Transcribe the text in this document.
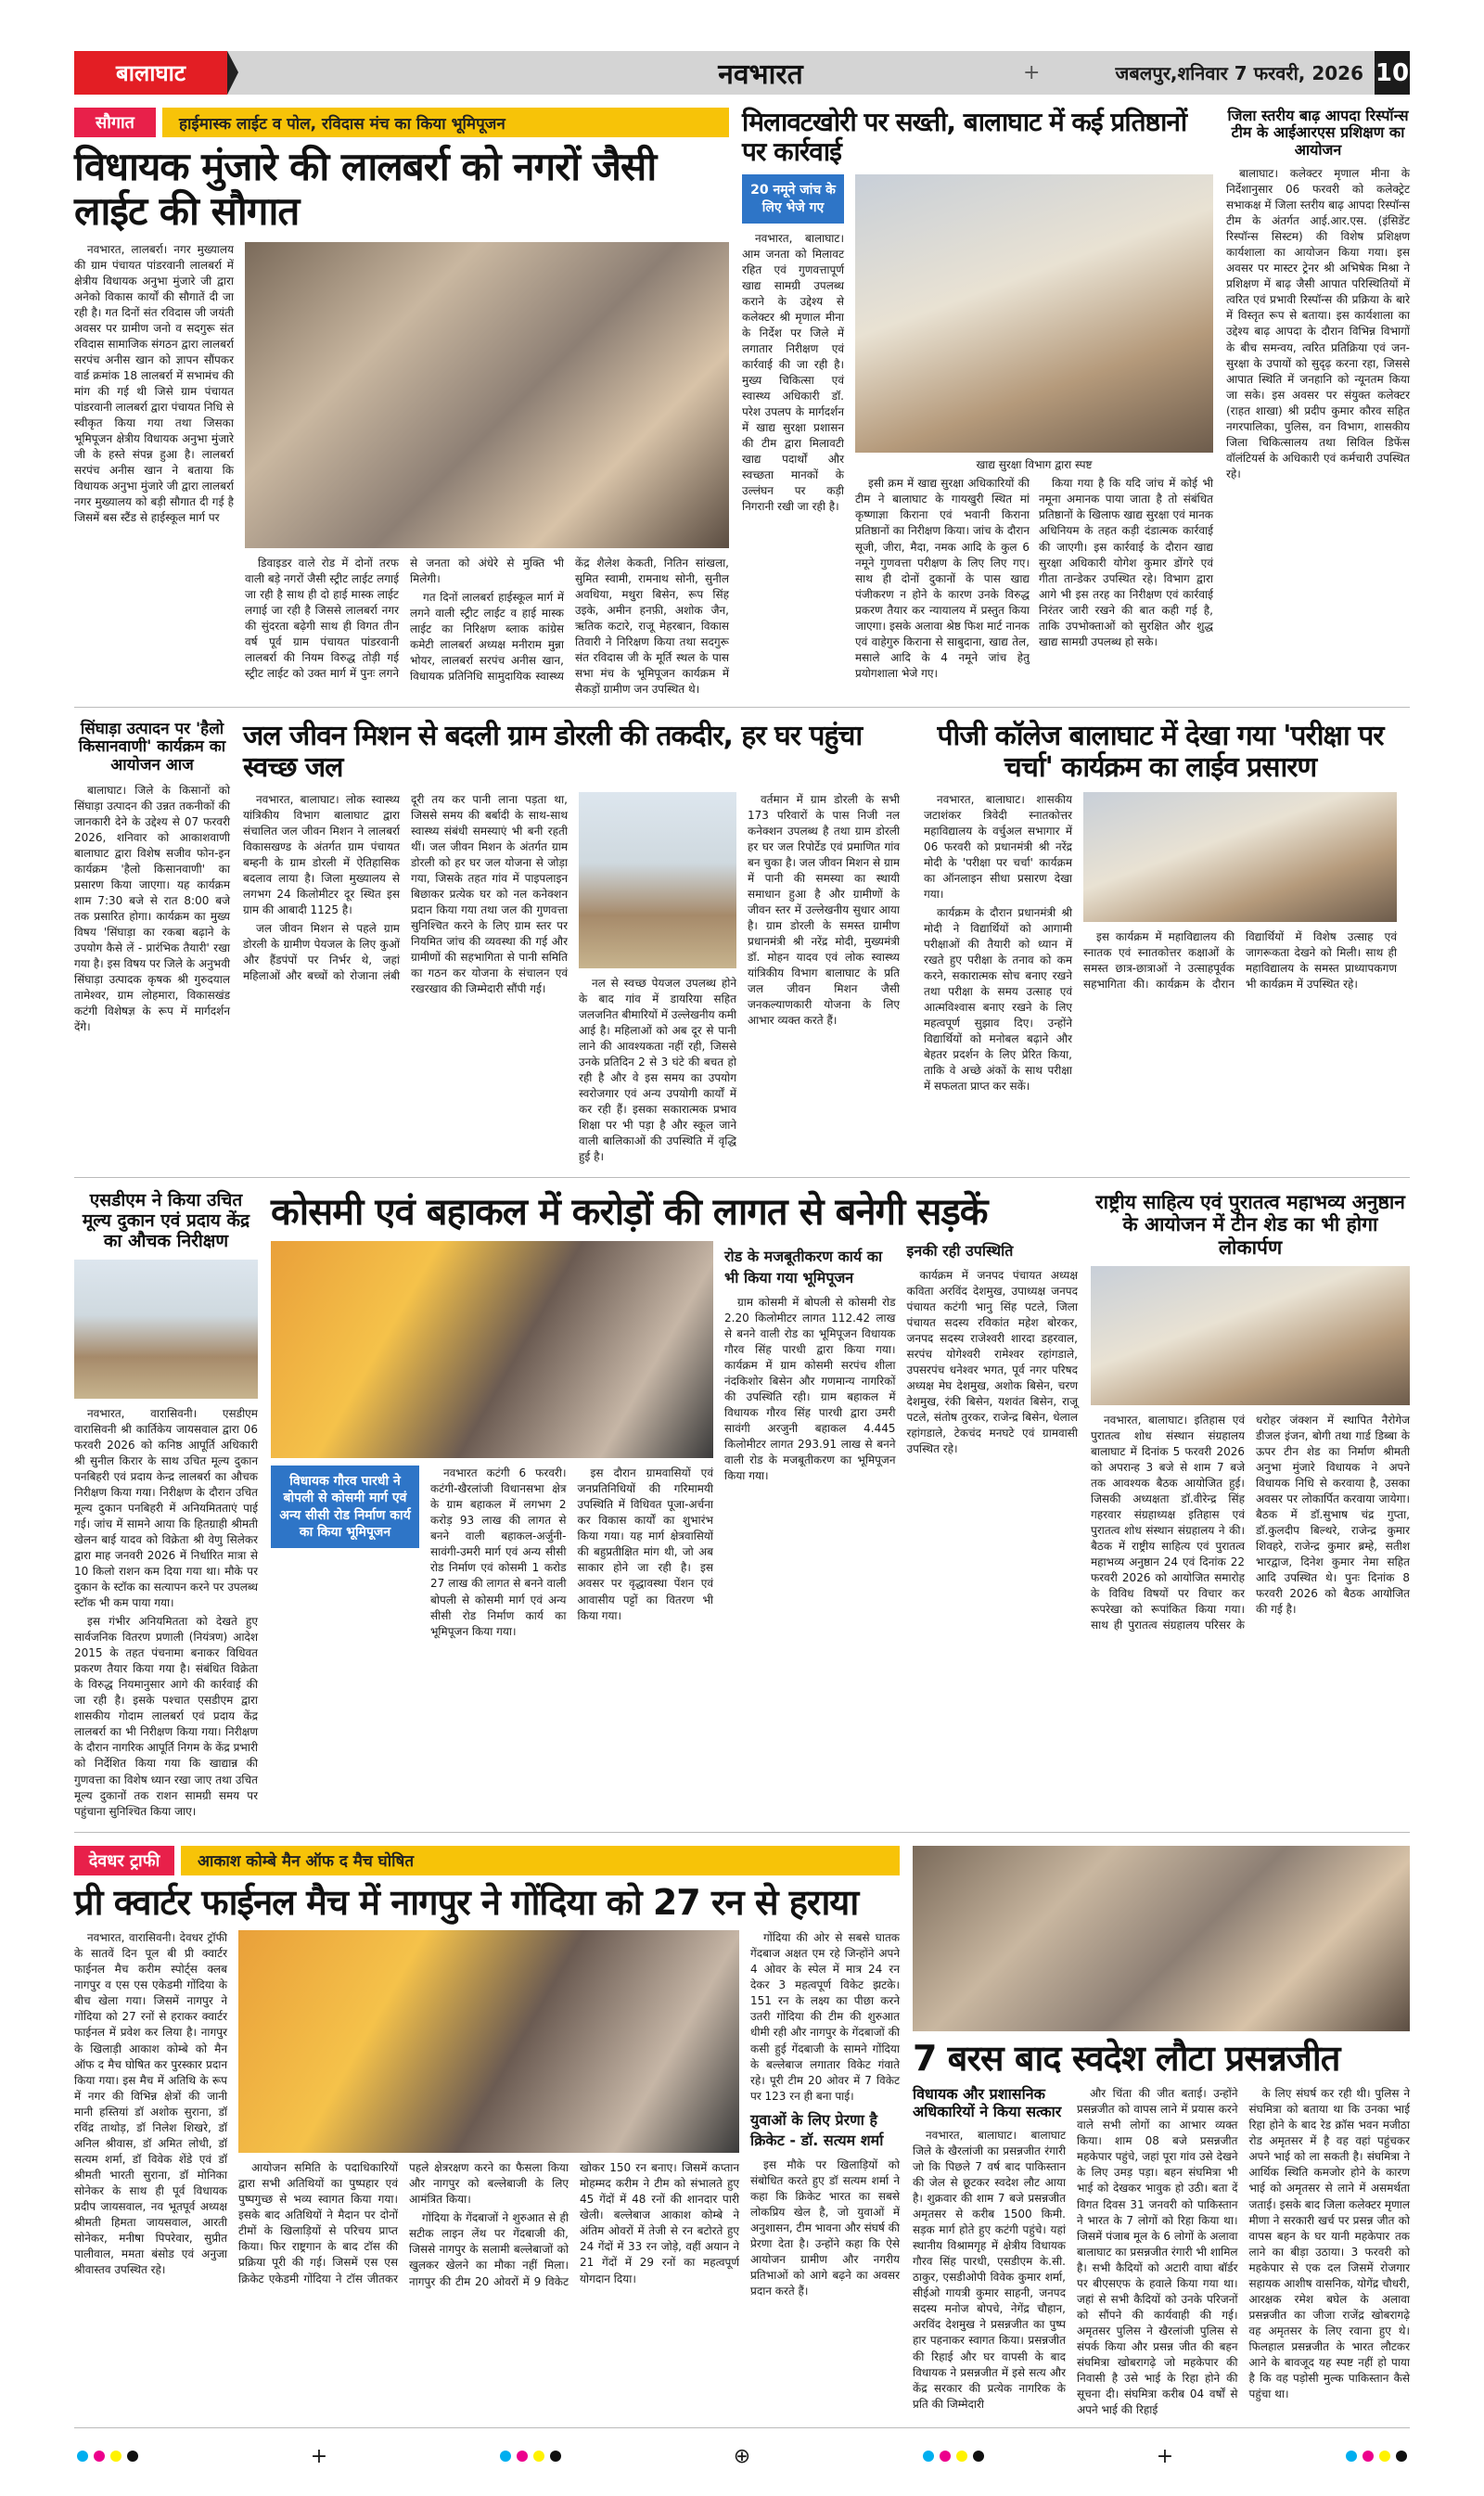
बालाघाट	नवभारत	+	जबलपुर,शनिवार 7 फरवरी, 2026 10
सौगात	हाईमास्क लाईट व पोल, रविदास मंच का किया भूमिपूजन
विधायक मुंजारे की लालबर्रा को नगरों जैसी लाईट की सौगात

नवभारत, लालबर्रा। नगर मुख्यालय की ग्राम पंचायत पांडरवानी लालबर्रा में क्षेत्रीय विधायक अनुभा मुंजारे जी द्वारा अनेको विकास कार्यों की सौगातें दी जा रही है। गत दिनों संत रविदास जी जयंती अवसर पर ग्रामीण जनो व सदगुरू संत रविदास सामाजिक संगठन द्वारा लालबर्रा सरपंच अनीस खान को ज्ञापन सौंपकर वार्ड क्रमांक 18 लालबर्रा में सभामंच की मांग की गई थी जिसे ग्राम पंचायत पांडरवानी लालबर्रा द्वारा पंचायत निधि से स्वीकृत किया गया तथा जिसका भूमिपूजन क्षेत्रीय विधायक अनुभा मुंजारे जी के हस्ते संपन्न हुआ है। लालबर्रा सरपंच अनीस खान ने बताया कि विधायक अनुभा मुंजारे जी द्वारा लालबर्रा नगर मुख्यालय को बड़ी सौगात दी गई है जिसमें बस स्टैंड से हाईस्कूल मार्ग पर

डिवाइडर वाले रोड में दोनों तरफ वाली बड़े नगरों जैसी स्ट्रीट लाईट लगाई जा रही है साथ ही दो हाई मास्क लाईट लगाई जा रही है जिससे लालबर्रा नगर की सुंदरता बढ़ेगी साथ ही विगत तीन वर्ष पूर्व ग्राम पंचायत पांडरवानी लालबर्रा की नियम विरुद्ध तोड़ी गई स्ट्रीट लाईट को उक्त मार्ग में पुनः लगने से जनता को अंधेरे से मुक्ति भी मिलेगी।

गत दिनों लालबर्रा हाईस्कूल मार्ग में लगने वाली स्ट्रीट लाईट व हाई मास्क लाईट का निरिक्षण ब्लाक कांग्रेस कमेटी लालबर्रा अध्यक्ष मनीराम मुन्ना भोयर, लालबर्रा सरपंच अनीस खान, विधायक प्रतिनिधि सामुदायिक स्वास्थ्य केंद्र शैलेश केकती, नितिन सांखला, सुमित स्वामी, रामनाथ सोनी, सुनील अवधिया, मथुरा बिसेन, रूप सिंह उइके, अमीन हनफ़ी, अशोक जैन, ऋतिक कटारे, राजू मेहरबान, विकास तिवारी ने निरिक्षण किया तथा सदगुरू संत रविदास जी के मूर्ति स्थल के पास सभा मंच के भूमिपूजन कार्यक्रम में सैकड़ों ग्रामीण जन उपस्थित थे।

मिलावटखोरी पर सख्ती, बालाघाट में कई प्रतिष्ठानों पर कार्रवाई
20 नमूने जांच के लिए भेजे गए

नवभारत, बालाघाट। आम जनता को मिलावट रहित एवं गुणवत्तापूर्ण खाद्य सामग्री उपलब्ध कराने के उद्देश्य से कलेक्टर श्री मृणाल मीना के निर्देश पर जिले में लगातार निरीक्षण एवं कार्रवाई की जा रही है। मुख्य चिकित्सा एवं स्वास्थ्य अधिकारी डॉ. परेश उपलप के मार्गदर्शन में खाद्य सुरक्षा प्रशासन की टीम द्वारा मिलावटी खाद्य पदार्थों और स्वच्छता मानकों के उल्लंघन पर कड़ी निगरानी रखी जा रही है।

खाद्य सुरक्षा विभाग द्वारा स्पष्ट

इसी क्रम में खाद्य सुरक्षा अधिकारियों की टीम ने बालाघाट के गायखुरी स्थित मां कृष्णाज्ञा किराना एवं भवानी किराना प्रतिष्ठानों का निरीक्षण किया। जांच के दौरान सूजी, जीरा, मैदा, नमक आदि के कुल 6 नमूने गुणवत्ता परीक्षण के लिए लिए गए। साथ ही दोनों दुकानों के पास खाद्य पंजीकरण न होने के कारण उनके विरुद्ध प्रकरण तैयार कर न्यायालय में प्रस्तुत किया जाएगा। इसके अलावा श्रेष्ठ फिश मार्ट नानक एवं वाहेगुरु किराना से साबुदाना, खाद्य तेल, मसाले आदि के 4 नमूने जांच हेतु प्रयोगशाला भेजे गए।

किया गया है कि यदि जांच में कोई भी नमूना अमानक पाया जाता है तो संबंधित प्रतिष्ठानों के खिलाफ खाद्य सुरक्षा एवं मानक अधिनियम के तहत कड़ी दंडात्मक कार्रवाई की जाएगी। इस कार्रवाई के दौरान खाद्य सुरक्षा अधिकारी योगेश कुमार डोंगरे एवं गीता तान्डेकर उपस्थित रहे। विभाग द्वारा आगे भी इस तरह का निरीक्षण एवं कार्रवाई निरंतर जारी रखने की बात कही गई है, ताकि उपभोक्ताओं को सुरक्षित और शुद्ध खाद्य सामग्री उपलब्ध हो सके।

जिला स्तरीय बाढ़ आपदा रिस्पॉन्स टीम के आईआरएस प्रशिक्षण का आयोजन

बालाघाट। कलेक्टर मृणाल मीना के निर्देशानुसार 06 फरवरी को कलेक्ट्रेट सभाकक्ष में जिला स्तरीय बाढ़ आपदा रिस्पॉन्स टीम के अंतर्गत आई.आर.एस. (इंसिडेंट रिस्पॉन्स सिस्टम) की विशेष प्रशिक्षण कार्यशाला का आयोजन किया गया। इस अवसर पर मास्टर ट्रेनर श्री अभिषेक मिश्रा ने प्रशिक्षण में बाढ़ जैसी आपात परिस्थितियों में त्वरित एवं प्रभावी रिस्पॉन्स की प्रक्रिया के बारे में विस्तृत रूप से बताया। इस कार्यशाला का उद्देश्य बाढ़ आपदा के दौरान विभिन्न विभागों के बीच समन्वय, त्वरित प्रतिक्रिया एवं जन-सुरक्षा के उपायों को सुदृढ़ करना रहा, जिससे आपात स्थिति में जनहानि को न्यूनतम किया जा सके। इस अवसर पर संयुक्त कलेक्टर (राहत शाखा) श्री प्रदीप कुमार कौरव सहित नगरपालिका, पुलिस, वन विभाग, शासकीय जिला चिकित्सालय तथा सिविल डिफेंस वॉलंटियर्स के अधिकारी एवं कर्मचारी उपस्थित रहे।

सिंघाड़ा उत्पादन पर 'हैलो किसानवाणी' कार्यक्रम का आयोजन आज

बालाघाट। जिले के किसानों को सिंघाड़ा उत्पादन की उन्नत तकनीकों की जानकारी देने के उद्देश्य से 07 फरवरी 2026, शनिवार को आकाशवाणी बालाघाट द्वारा विशेष सजीव फोन-इन कार्यक्रम 'हैलो किसानवाणी' का प्रसारण किया जाएगा। यह कार्यक्रम शाम 7:30 बजे से रात 8:00 बजे तक प्रसारित होगा। कार्यक्रम का मुख्य विषय 'सिंघाड़ा का रकबा बढ़ाने के उपयोग कैसे लें - प्रारंभिक तैयारी' रखा गया है। इस विषय पर जिले के अनुभवी सिंघाड़ा उत्पादक कृषक श्री गुरुदयाल तामेश्वर, ग्राम लोहमारा, विकासखंड कटंगी विशेषज्ञ के रूप में मार्गदर्शन देंगे।

जल जीवन मिशन से बदली ग्राम डोरली की तकदीर, हर घर पहुंचा स्वच्छ जल

नवभारत, बालाघाट। लोक स्वास्थ्य यांत्रिकीय विभाग बालाघाट द्वारा संचालित जल जीवन मिशन ने लालबर्रा विकासखण्ड के अंतर्गत ग्राम पंचायत बम्हनी के ग्राम डोरली में ऐतिहासिक बदलाव लाया है। जिला मुख्यालय से लगभग 24 किलोमीटर दूर स्थित इस ग्राम की आबादी 1125 है।

जल जीवन मिशन से पहले ग्राम डोरली के ग्रामीण पेयजल के लिए कुओं और हैंडपंपों पर निर्भर थे, जहां महिलाओं और बच्चों को रोजाना लंबी दूरी तय कर पानी लाना पड़ता था, जिससे समय की बर्बादी के साथ-साथ स्वास्थ्य संबंधी समस्याएं भी बनी रहती थीं। जल जीवन मिशन के अंतर्गत ग्राम डोरली को हर घर जल योजना से जोड़ा गया, जिसके तहत गांव में पाइपलाइन बिछाकर प्रत्येक घर को नल कनेक्शन प्रदान किया गया तथा जल की गुणवत्ता सुनिश्चित करने के लिए ग्राम स्तर पर नियमित जांच की व्यवस्था की गई और ग्रामीणों की सहभागिता से पानी समिति का गठन कर योजना के संचालन एवं रखरखाव की जिम्मेदारी सौंपी गई।	नल से स्वच्छ पेयजल उपलब्ध होने के बाद गांव में डायरिया सहित जलजनित बीमारियों में उल्लेखनीय कमी आई है। महिलाओं को अब दूर से पानी लाने की आवश्यकता नहीं रही, जिससे उनके प्रतिदिन 2 से 3 घंटे की बचत हो रही है और वे इस समय का उपयोग स्वरोजगार एवं अन्य उपयोगी कार्यों में कर रही हैं। इसका सकारात्मक प्रभाव शिक्षा पर भी पड़ा है और स्कूल जाने वाली बालिकाओं की उपस्थिति में वृद्धि हुई है।

वर्तमान में ग्राम डोरली के सभी 173 परिवारों के पास निजी नल कनेक्शन उपलब्ध है तथा ग्राम डोरली हर घर जल रिपोर्टेड एवं प्रमाणित गांव बन चुका है। जल जीवन मिशन से ग्राम में पानी की समस्या का स्थायी समाधान हुआ है और ग्रामीणों के जीवन स्तर में उल्लेखनीय सुधार आया है। ग्राम डोरली के समस्त ग्रामीण प्रधानमंत्री श्री नरेंद्र मोदी, मुख्यमंत्री डॉ. मोहन यादव एवं लोक स्वास्थ्य यांत्रिकीय विभाग बालाघाट के प्रति जल जीवन मिशन जैसी जनकल्याणकारी योजना के लिए आभार व्यक्त करते हैं।

पीजी कॉलेज बालाघाट में देखा गया 'परीक्षा पर चर्चा' कार्यक्रम का लाईव प्रसारण

नवभारत, बालाघाट। शासकीय जटाशंकर त्रिवेदी स्नातकोत्तर महाविद्यालय के वर्चुअल सभागार में 06 फरवरी को प्रधानमंत्री श्री नरेंद्र मोदी के 'परीक्षा पर चर्चा' कार्यक्रम का ऑनलाइन सीधा प्रसारण देखा गया।

कार्यक्रम के दौरान प्रधानमंत्री श्री मोदी ने विद्यार्थियों को आगामी परीक्षाओं की तैयारी को ध्यान में रखते हुए परीक्षा के तनाव को कम करने, सकारात्मक सोच बनाए रखने तथा परीक्षा के समय उत्साह एवं आत्मविश्वास बनाए रखने के लिए महत्वपूर्ण सुझाव दिए। उन्होंने विद्यार्थियों को मनोबल बढ़ाने और बेहतर प्रदर्शन के लिए प्रेरित किया, ताकि वे अच्छे अंकों के साथ परीक्षा में सफलता प्राप्त कर सकें।

इस कार्यक्रम में महाविद्यालय की स्नातक एवं स्नातकोत्तर कक्षाओं के समस्त छात्र-छात्राओं ने उत्साहपूर्वक सहभागिता की। कार्यक्रम के दौरान विद्यार्थियों में विशेष उत्साह एवं जागरूकता देखने को मिली। साथ ही महाविद्यालय के समस्त प्राध्यापकगण भी कार्यक्रम में उपस्थित रहे।

एसडीएम ने किया उचित मूल्य दुकान एवं प्रदाय केंद्र का औचक निरीक्षण

नवभारत, वारासिवनी। एसडीएम वारासिवनी श्री कार्तिकेय जायसवाल द्वारा 06 फरवरी 2026 को कनिष्ठ आपूर्ति अधिकारी श्री सुनील किरार के साथ उचित मूल्य दुकान पनबिहरी एवं प्रदाय केन्द्र लालबर्रा का औचक निरीक्षण किया गया। निरीक्षण के दौरान उचित मूल्य दुकान पनबिहरी में अनियमितताएं पाई गई। जांच में सामने आया कि हितग्राही श्रीमती खेलन बाई यादव को विक्रेता श्री वेणु सिलेकर द्वारा माह जनवरी 2026 में निर्धारित मात्रा से 10 किलो राशन कम दिया गया था। मौके पर दुकान के स्टॉक का सत्यापन करने पर उपलब्ध स्टॉक भी कम पाया गया।

इस गंभीर अनियमितता को देखते हुए सार्वजनिक वितरण प्रणाली (नियंत्रण) आदेश 2015 के तहत पंचनामा बनाकर विधिवत प्रकरण तैयार किया गया है। संबंधित विक्रेता के विरुद्ध नियमानुसार आगे की कार्रवाई की जा रही है। इसके पश्चात एसडीएम द्वारा शासकीय गोदाम लालबर्रा एवं प्रदाय केंद्र लालबर्रा का भी निरीक्षण किया गया। निरीक्षण के दौरान नागरिक आपूर्ति निगम के केंद्र प्रभारी को निर्देशित किया गया कि खाद्यान्न की गुणवत्ता का विशेष ध्यान रखा जाए तथा उचित मूल्य दुकानों तक राशन सामग्री समय पर पहुंचाना सुनिश्चित किया जाए।

कोसमी एवं बहाकल में करोड़ों की लागत से बनेगी सड़कें
विधायक गौरव पारधी ने बोपली से कोसमी मार्ग एवं अन्य सीसी रोड निर्माण कार्य का किया भूमिपूजन

नवभारत कटंगी 6 फरवरी। कटंगी-खैरलांजी विधानसभा क्षेत्र के ग्राम बहाकल में लगभग 2 करोड़ 93 लाख की लागत से बनने वाली बहाकल-अर्जुनी-सावंगी-उमरी मार्ग एवं अन्य सीसी रोड निर्माण एवं कोसमी 1 करोड 27 लाख की लागत से बनने वाली बोपली से कोसमी मार्ग एवं अन्य सीसी रोड निर्माण कार्य का भूमिपूजन किया गया।

इस दौरान ग्रामवासियों एवं जनप्रतिनिधियों की गरिमामयी उपस्थिति में विधिवत पूजा-अर्चना कर विकास कार्यों का शुभारंभ किया गया। यह मार्ग क्षेत्रवासियों की बहुप्रतीक्षित मांग थी, जो अब साकार होने जा रही है। इस अवसर पर वृद्धावस्था पेंशन एवं आवासीय पट्टों का वितरण भी किया गया।

रोड के मजबूतीकरण कार्य का भी किया गया भूमिपूजन

ग्राम कोसमी में बोपली से कोसमी रोड 2.20 किलोमीटर लागत 112.42 लाख से बनने वाली रोड का भूमिपूजन विधायक गौरव सिंह पारधी द्वारा किया गया। कार्यक्रम में ग्राम कोसमी सरपंच शीला नंदकिशोर बिसेन और गणमान्य नागरिकों की उपस्थिति रही। ग्राम बहाकल में विधायक गौरव सिंह पारधी द्वारा उमरी सावंगी अरजुनी बहाकल 4.445 किलोमीटर लागत 293.91 लाख से बनने वाली रोड के मजबूतीकरण का भूमिपूजन किया गया।

इनकी रही उपस्थिति

कार्यक्रम में जनपद पंचायत अध्यक्ष कविता अरविंद देशमुख, उपाध्यक्ष जनपद पंचायत कटंगी भानु सिंह पटले, जिला पंचायत सदस्य रविकांत महेश बोरकर, जनपद सदस्य राजेश्वरी शारदा डहरवाल, सरपंच योगेश्वरी रामेश्वर रहांगडाले, उपसरपंच धनेश्वर भगत, पूर्व नगर परिषद अध्यक्ष मेघ देशमुख, अशोक बिसेन, चरण देशमुख, रंकी बिसेन, यशवंत बिसेन, राजू पटले, संतोष तुरकर, राजेन्द्र बिसेन, धेलाल रहांगडाले, टेकचंद मनघटे एवं ग्रामवासी उपस्थित रहे।

राष्ट्रीय साहित्य एवं पुरातत्व महाभव्य अनुष्ठान के आयोजन में टीन शेड का भी होगा लोकार्पण

नवभारत, बालाघाट। इतिहास एवं पुरातत्व शोध संस्थान संग्रहालय बालाघाट में दिनांक 5 फरवरी 2026 को अपरान्ह 3 बजे से शाम 7 बजे तक आवश्यक बैठक आयोजित हुई। जिसकी अध्यक्षता डॉ.वीरेन्द्र सिंह गहरवार संग्रहाध्यक्ष इतिहास एवं पुरातत्व शोध संस्थान संग्रहालय ने की। बैठक में राष्ट्रीय साहित्य एवं पुरातत्व महाभव्य अनुष्ठान 24 एवं दिनांक 22 फरवरी 2026 को आयोजित समारोह के विविध विषयों पर विचार कर रूपरेखा को रूपांकित किया गया। साथ ही पुरातत्व संग्रहालय परिसर के धरोहर जंक्शन में स्थापित नैरोगेज डीजल इंजन, बोगी तथा गार्ड डिब्बा के ऊपर टीन शेड का निर्माण श्रीमती अनुभा मुंजारे विधायक ने अपने विधायक निधि से करवाया है, उसका अवसर पर लोकार्पित करवाया जायेगा। बैठक में डॉ.सुभाष चंद्र गुप्ता, डॉ.कुलदीप बिल्थरे, राजेन्द्र कुमार शिवहरे, राजेन्द्र कुमार ब्रम्हे, सतीश भारद्वाज, दिनेश कुमार नेमा सहित आदि उपस्थित थे। पुनः दिनांक 8 फरवरी 2026 को बैठक आयोजित की गई है।

देवधर ट्राफी	आकाश कोम्बे मैन ऑफ द मैच घोषित
प्री क्वार्टर फाईनल मैच में नागपुर ने गोंदिया को 27 रन से हराया

नवभारत, वारासिवनी। देवधर ट्रॉफी के सातवें दिन पूल बी प्री क्वार्टर फाईनल मैच करीम स्पोर्ट्स क्लब नागपुर व एस एस एकेडमी गोंदिया के बीच खेला गया। जिसमें नागपुर ने गोंदिया को 27 रनों से हराकर क्वार्टर फाईनल में प्रवेश कर लिया है। नागपुर के खिलाड़ी आकाश कोम्बे को मैन ऑफ द मैच घोषित कर पुरस्कार प्रदान किया गया। इस मैच में अतिथि के रूप में नगर की विभिन्न क्षेत्रों की जानी मानी हस्तियां डॉ अशोक सुराना, डॉ रविंद्र ताथोड़, डॉ निलेश शिखरे, डॉ अनिल श्रीवास, डॉ अमित लोधी, डॉ सत्यम शर्मा, डॉ विवेक शेंडे एवं डॉ श्रीमती भारती सुराना, डॉ मोनिका सोनेकर के साथ ही पूर्व विधायक प्रदीप जायसवाल, नव भूतपूर्व अध्यक्ष श्रीमती हिमता जायसवाल, आरती सोनेकर, मनीषा पिपरेवार, सुप्रीत पालीवाल, ममता बंसोड एवं अनुजा श्रीवास्तव उपस्थित रहे।

आयोजन समिति के पदाधिकारियों द्वारा सभी अतिथियों का पुष्पहार एवं पुष्पगुच्छ से भव्य स्वागत किया गया। इसके बाद अतिथियों ने मैदान पर दोनों टीमों के खिलाड़ियों से परिचय प्राप्त किया। फिर राष्ट्रगान के बाद टॉस की प्रक्रिया पूरी की गई। जिसमें एस एस क्रिकेट एकेडमी गोंदिया ने टॉस जीतकर पहले क्षेत्ररक्षण करने का फैसला किया और नागपुर को बल्लेबाजी के लिए आमंत्रित किया।

गोंदिया के गेंदबाजों ने शुरुआत से ही सटीक लाइन लेंथ पर गेंदबाजी की, जिससे नागपुर के सलामी बल्लेबाजों को खुलकर खेलने का मौका नहीं मिला। नागपुर की टीम 20 ओवरों में 9 विकेट खोकर 150 रन बनाए। जिसमें कप्तान मोहम्मद करीम ने टीम को संभालते हुए 45 गेंदों में 48 रनों की शानदार पारी खेली। बल्लेबाज आकाश कोम्बे ने अंतिम ओवरों में तेजी से रन बटोरते हुए 24 गेंदों में 33 रन जोड़े, वहीं अयान ने 21 गेंदों में 29 रनों का महत्वपूर्ण योगदान दिया।

गोंदिया की ओर से सबसे घातक गेंदबाज अक्षत एम रहे जिन्होंने अपने 4 ओवर के स्पेल में मात्र 24 रन देकर 3 महत्वपूर्ण विकेट झटके। 151 रन के लक्ष्य का पीछा करने उतरी गोंदिया की टीम की शुरुआत धीमी रही और नागपुर के गेंदबाजों की कसी हुई गेंदबाजी के सामने गोंदिया के बल्लेबाज लगातार विकेट गंवाते रहे। पूरी टीम 20 ओवर में 7 विकेट पर 123 रन ही बना पाई।

युवाओं के लिए प्रेरणा है क्रिकेट - डॉ. सत्यम शर्मा

इस मौके पर खिलाड़ियों को संबोधित करते हुए डॉ सत्यम शर्मा ने कहा कि क्रिकेट भारत का सबसे लोकप्रिय खेल है, जो युवाओं में अनुशासन, टीम भावना और संघर्ष की प्रेरणा देता है। उन्होंने कहा कि ऐसे आयोजन ग्रामीण और नगरीय प्रतिभाओं को आगे बढ़ने का अवसर प्रदान करते हैं।

7 बरस बाद स्वदेश लौटा प्रसन्नजीत
विधायक और प्रशासनिक अधिकारियों ने किया सत्कार

नवभारत, बालाघाट। बालाघाट जिले के खैरलांजी का प्रसन्नजीत रंगारी जो कि पिछले 7 वर्ष बाद पाकिस्तान की जेल से छूटकर स्वदेश लौट आया है। शुक्रवार की शाम 7 बजे प्रसन्नजीत अमृतसर से करीब 1500 किमी. सड़क मार्ग होते हुए कटंगी पहुंचे। यहां स्थानीय विश्रामगृह में क्षेत्रीय विधायक गौरव सिंह पारधी, एसडीएम के.सी. ठाकुर, एसडीओपी विवेक कुमार शर्मा, सीईओ गायत्री कुमार साहनी, जनपद सदस्य मनोज बोपचे, नेगेंद्र चौहान, अरविंद देशमुख ने प्रसन्नजीत का पुष्प हार पहनाकर स्वागत किया। प्रसन्नजीत की रिहाई और घर वापसी के बाद विधायक ने प्रसन्नजीत में इसे सत्य और केंद्र सरकार की प्रत्येक नागरिक के प्रति की जिम्मेदारी

और चिंता की जीत बताई। उन्होंने प्रसन्नजीत को वापस लाने में प्रयास करने वाले सभी लोगों का आभार व्यक्त किया। शाम 08 बजे प्रसन्नजीत महकेपार पहुंचे, जहां पूरा गांव उसे देखने के लिए उमड़ पड़ा। बहन संघमित्रा भी भाई को देखकर भावुक हो उठी। बता दें विगत दिवस 31 जनवरी को पाकिस्तान ने भारत के 7 लोगों को रिहा किया था। जिसमें पंजाब मूल के 6 लोगों के अलावा बालाघाट का प्रसन्नजीत रंगारी भी शामिल है। सभी कैदियों को अटारी वाघा बॉर्डर पर बीएसएफ के हवाले किया गया था। जहां से सभी कैदियों को उनके परिजनों को सौंपने की कार्यवाही की गई। अमृतसर पुलिस ने खैरलांजी पुलिस से संपर्क किया और प्रसन्न जीत की बहन संघमित्रा खोबरागढ़े जो महकेपार की निवासी है उसे भाई के रिहा होने की सूचना दी। संघमित्रा करीब 04 वर्षों से अपने भाई की रिहाई

के लिए संघर्ष कर रही थी। पुलिस ने संघमित्रा को बताया था कि उनका भाई रिहा होने के बाद रेड क्रॉस भवन मजीठा रोड अमृतसर में है वह वहां पहुंचकर अपने भाई को ला सकती है। संघमित्रा ने आर्थिक स्थिति कमजोर होने के कारण भाई को अमृतसर से लाने में असमर्थता जताई। इसके बाद जिला कलेक्टर मृणाल मीणा ने सरकारी खर्च पर प्रसन्न जीत को वापस बहन के घर यानी महकेपार तक लाने का बीड़ा उठाया। 3 फरवरी को महकेपार से एक दल जिसमें रोजगार सहायक आशीष वासनिक, योगेंद्र चौधरी, आरक्षक रमेश बघेल के अलावा प्रसन्नजीत का जीजा राजेंद्र खोबरागढ़े वह अमृतसर के लिए रवाना हुए थे। फिलहाल प्रसन्नजीत के भारत लौटकर आने के बावजूद यह स्पष्ट नहीं हो पाया है कि वह पड़ोसी मुल्क पाकिस्तान कैसे पहुंचा था।

+	⊕	+
